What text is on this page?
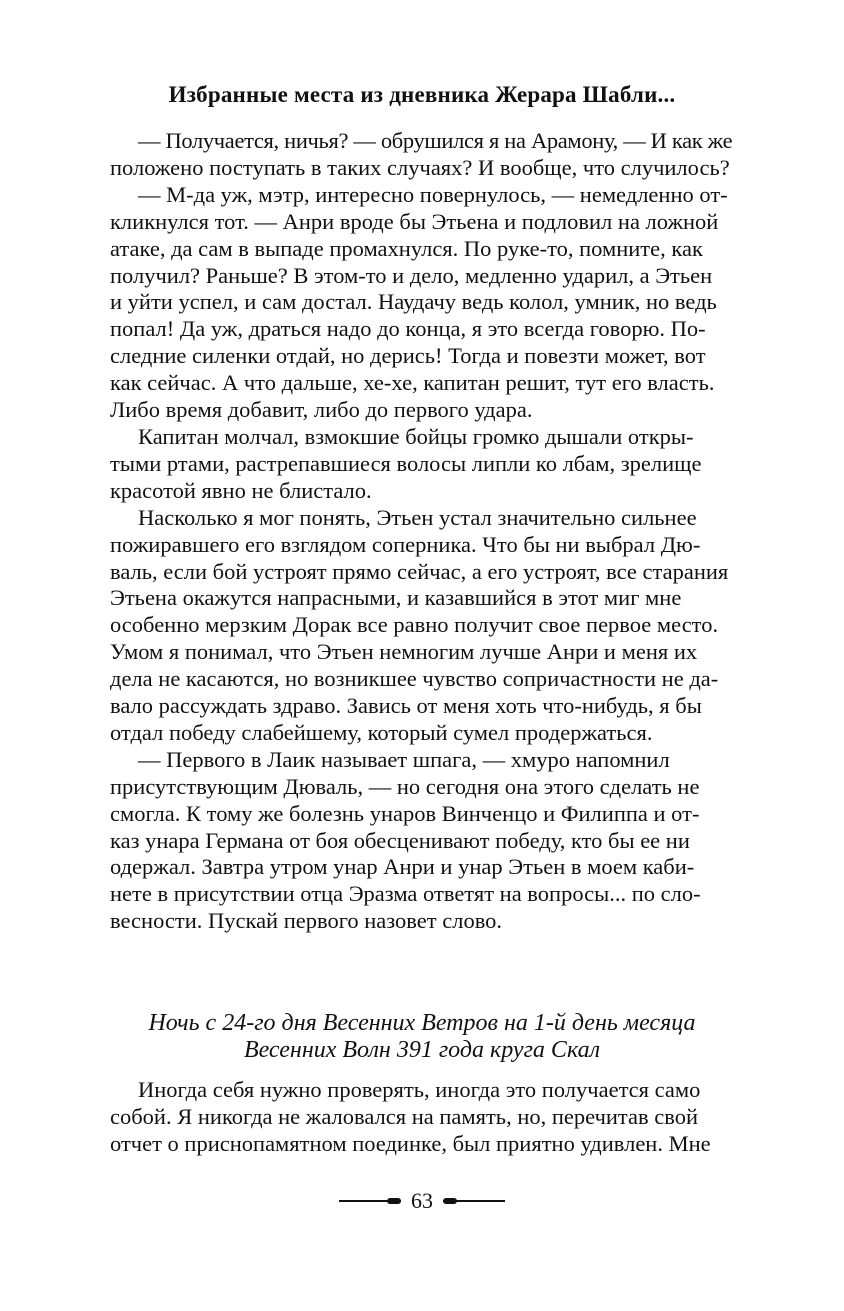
Избранные места из дневника Жерара Шабли...
— Получается, ничья? — обрушился я на Арамону, — И как же
положено поступать в таких случаях? И вообще, что случилось?
— М-да уж, мэтр, интересно повернулось, — немедленно от-
кликнулся тот. — Анри вроде бы Этьена и подловил на ложной
атаке, да сам в выпаде промахнулся. По руке-то, помните, как
получил? Раньше? В этом-то и дело, медленно ударил, а Этьен
и уйти успел, и сам достал. Наудачу ведь колол, умник, но ведь
попал! Да уж, драться надо до конца, я это всегда говорю. По-
следние силенки отдай, но дерись! Тогда и повезти может, вот
как сейчас. А что дальше, хе-хе, капитан решит, тут его власть.
Либо время добавит, либо до первого удара.
Капитан молчал, взмокшие бойцы громко дышали откры-
тыми ртами, растрепавшиеся волосы липли ко лбам, зрелище
красотой явно не блистало.
Насколько я мог понять, Этьен устал значительно сильнее
пожиравшего его взглядом соперника. Что бы ни выбрал Дю-
валь, если бой устроят прямо сейчас, а его устроят, все старания
Этьена окажутся напрасными, и казавшийся в этот миг мне
особенно мерзким Дорак все равно получит свое первое место.
Умом я понимал, что Этьен немногим лучше Анри и меня их
дела не касаются, но возникшее чувство сопричастности не да-
вало рассуждать здраво. Завись от меня хоть что-нибудь, я бы
отдал победу слабейшему, который сумел продержаться.
— Первого в Лаик называет шпага, — хмуро напомнил
присутствующим Дюваль, — но сегодня она этого сделать не
смогла. К тому же болезнь унаров Винченцо и Филиппа и от-
каз унара Германа от боя обесценивают победу, кто бы ее ни
одержал. Завтра утром унар Анри и унар Этьен в моем каби-
нете в присутствии отца Эразма ответят на вопросы... по сло-
весности. Пускай первого назовет слово.
Ночь с 24-го дня Весенних Ветров на 1-й день месяца
Весенних Волн 391 года круга Скал
Иногда себя нужно проверять, иногда это получается само
собой. Я никогда не жаловался на память, но, перечитав свой
отчет о приснопамятном поединке, был приятно удивлен. Мне
63
